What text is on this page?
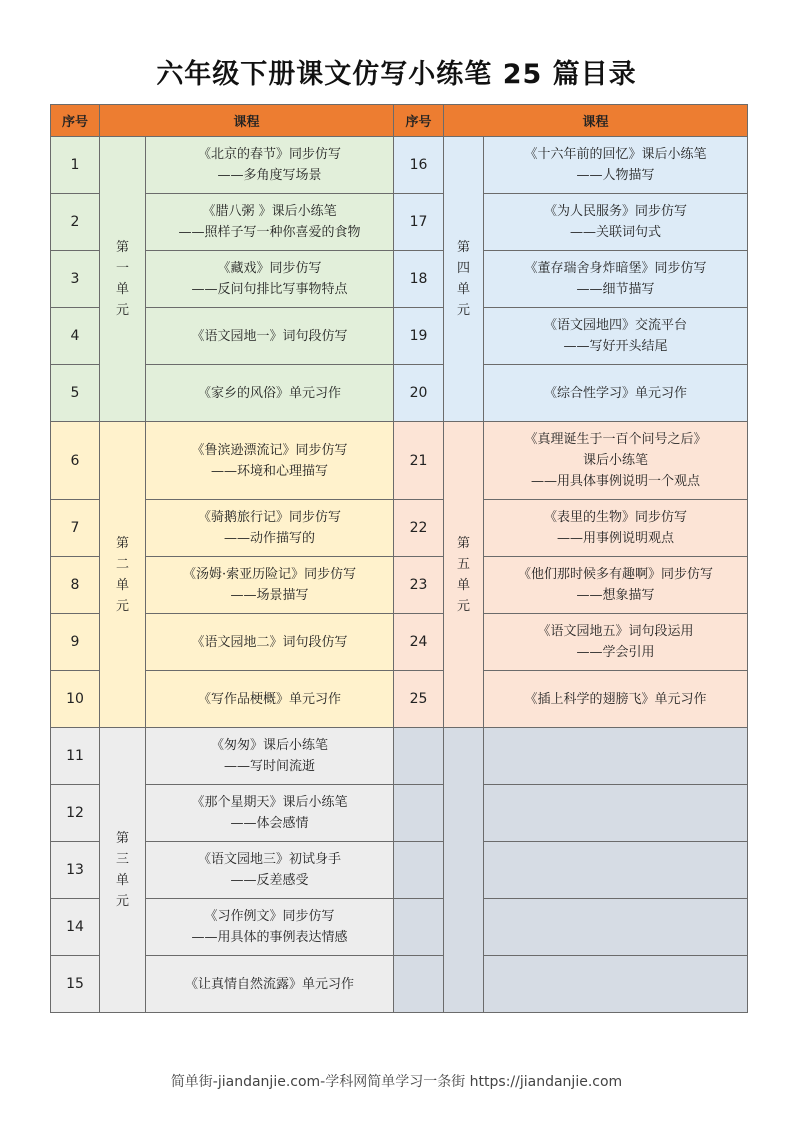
六年级下册课文仿写小练笔 25 篇目录
序号	课程		序号	课程	
1	第
一
单
元	《北京的春节》同步仿写
——多角度写场景	16	第
四
单
元	《十六年前的回忆》课后小练笔
——人物描写
2		《腊八粥 》课后小练笔
——照样子写一种你喜爱的食物	17		《为人民服务》同步仿写
——关联词句式
3		《藏戏》同步仿写
——反问句排比写事物特点	18		《董存瑞舍身炸暗堡》同步仿写
——细节描写
4		《语文园地一》词句段仿写	19		《语文园地四》交流平台
——写好开头结尾
5		《家乡的风俗》单元习作	20		《综合性学习》单元习作
6	第
二
单
元	《鲁滨逊漂流记》同步仿写
——环境和心理描写	21	第
五
单
元	《真理诞生于一百个问号之后》
课后小练笔
——用具体事例说明一个观点
7		《骑鹅旅行记》同步仿写
——动作描写的	22		《表里的生物》同步仿写
——用事例说明观点
8		《汤姆·索亚历险记》同步仿写
——场景描写	23		《他们那时候多有趣啊》同步仿写
——想象描写
9		《语文园地二》词句段仿写	24		《语文园地五》词句段运用
——学会引用
10		《写作品梗概》单元习作	25		《插上科学的翅膀飞》单元习作
11	第
三
单
元	《匆匆》课后小练笔
——写时间流逝			
12		《那个星期天》课后小练笔
——体会感情			
13		《语文园地三》初试身手
——反差感受			
14		《习作例文》同步仿写
——用具体的事例表达情感			
15		《让真情自然流露》单元习作			
简单街-jiandanjie.com-学科网简单学习一条街 https://jiandanjie.com
